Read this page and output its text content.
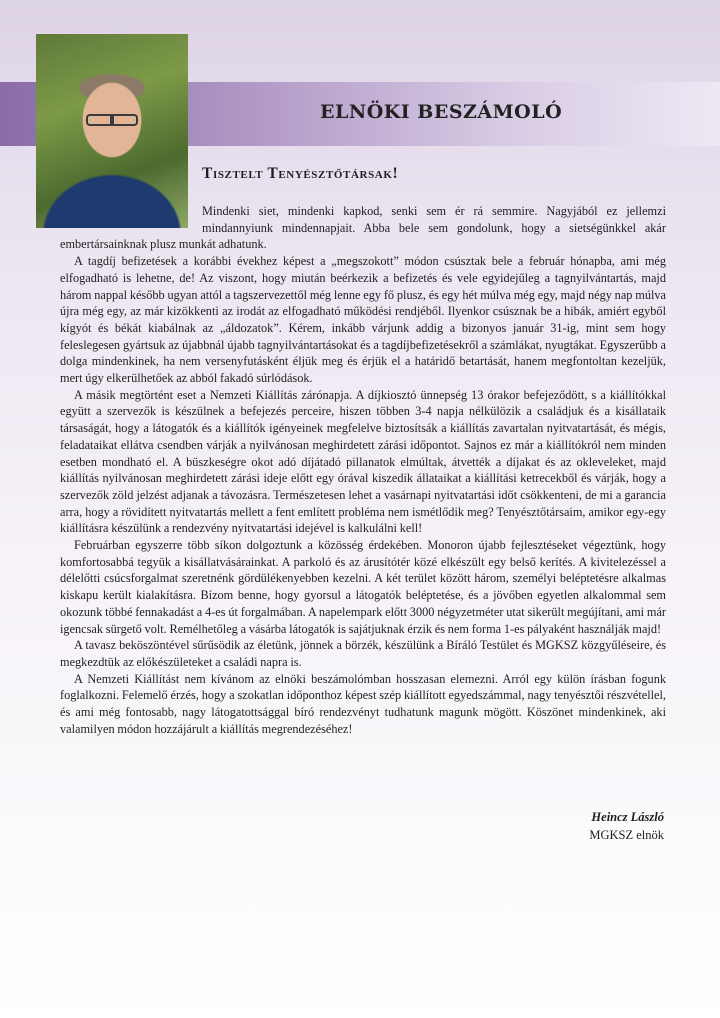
ELNÖKI BESZÁMOLÓ
Tisztelt Tenyésztőtársak!

Mindenki siet, mindenki kapkod, senki sem ér rá semmire. Nagyjából ez jellemzi mindannyiunk mindennapjait. Abba bele sem gondolunk, hogy a sietségünkkel akár embertársainknak plusz munkát adhatunk.

A tagdíj befizetések a korábbi évekhez képest a „megszokott” módon csúsztak bele a február hónapba, ami még elfogadható is lehetne, de! Az viszont, hogy miután beérkezik a befizetés és vele egyidejűleg a tagnyilvántartás, majd három nappal később ugyan attól a tagszervezettől még lenne egy fő plusz, és egy hét múlva még egy, majd négy nap múlva újra még egy, az már kizökkenti az irodát az elfogadható működési rendjéből. Ilyenkor csúsznak be a hibák, amiért egyből kígyót és békát kiabálnak az „áldozatok”. Kérem, inkább várjunk addig a bizonyos január 31-ig, mint sem hogy feleslegesen gyártsuk az újabbnál újabb tagnyilvántartásokat és a tagdíjbefizetésekről a számlákat, nyugtákat. Egyszerűbb a dolga mindenkinek, ha nem versenyfutásként éljük meg és érjük el a határidő betartását, hanem megfontoltan kezeljük, mert úgy elkerülhetőek az abból fakadó súrlódások.

A másik megtörtént eset a Nemzeti Kiállítás zárónapja. A díjkiosztó ünnepség 13 órakor befejeződött, s a kiállítókkal együtt a szervezők is készülnek a befejezés perceire, hiszen többen 3-4 napja nélkülözik a családjuk és a kisállataik társaságát, hogy a látogatók és a kiállítók igényeinek megfelelve biztosítsák a kiállítás zavartalan nyitvatartását, és mégis, feladataikat ellátva csendben várják a nyilvánosan meghirdetett zárási időpontot. Sajnos ez már a kiállítókról nem minden esetben mondható el. A büszkeségre okot adó díjátadó pillanatok elmúltak, átvették a díjakat és az okleveleket, majd kiállítás nyilvánosan meghirdetett zárási ideje előtt egy órával kiszedik állataikat a kiállítási ketrecekből és várják, hogy a szervezők zöld jelzést adjanak a távozásra. Természetesen lehet a vasárnapi nyitvatartási időt csökkenteni, de mi a garancia arra, hogy a rövidített nyitvatartás mellett a fent említett probléma nem ismétlődik meg? Tenyésztőtársaim, amikor egy-egy kiállításra készülünk a rendezvény nyitvatartási idejével is kalkulálni kell!

Februárban egyszerre több síkon dolgoztunk a közösség érdekében. Monoron újabb fejlesztéseket végeztünk, hogy komfortosabbá tegyük a kisállatvásárainkat. A parkoló és az árusítótér közé elkészült egy belső kerítés. A kivitelezéssel a délelőtti csúcsforgalmat szeretnénk gördülékenyebben kezelni. A két terület között három, személyi beléptetésre alkalmas kiskapu került kialakításra. Bízom benne, hogy gyorsul a látogatók beléptetése, és a jövőben egyetlen alkalommal sem okozunk többé fennakadást a 4-es út forgalmában. A napelempark előtt 3000 négyzetméter utat sikerült megújítani, ami már igencsak sürgető volt. Remélhetőleg a vásárba látogatók is sajátjuknak érzik és nem forma 1-es pályaként használják majd!

A tavasz beköszöntével sűrűsödik az életünk, jönnek a börzék, készülünk a Bíráló Testület és MGKSZ közgyűléseire, és megkezdtük az előkészületeket a családi napra is.

A Nemzeti Kiállítást nem kívánom az elnöki beszámolómban hosszasan elemezni. Arról egy külön írásban fogunk foglalkozni. Felemelő érzés, hogy a szokatlan időponthoz képest szép kiállított egyedszámmal, nagy tenyésztői részvétellel, és ami még fontosabb, nagy látogatottsággal bíró rendezvényt tudhatunk magunk mögött. Köszönet mindenkinek, aki valamilyen módon hozzájárult a kiállítás megrendezéséhez!

Heincz László
MGKSZ elnök
